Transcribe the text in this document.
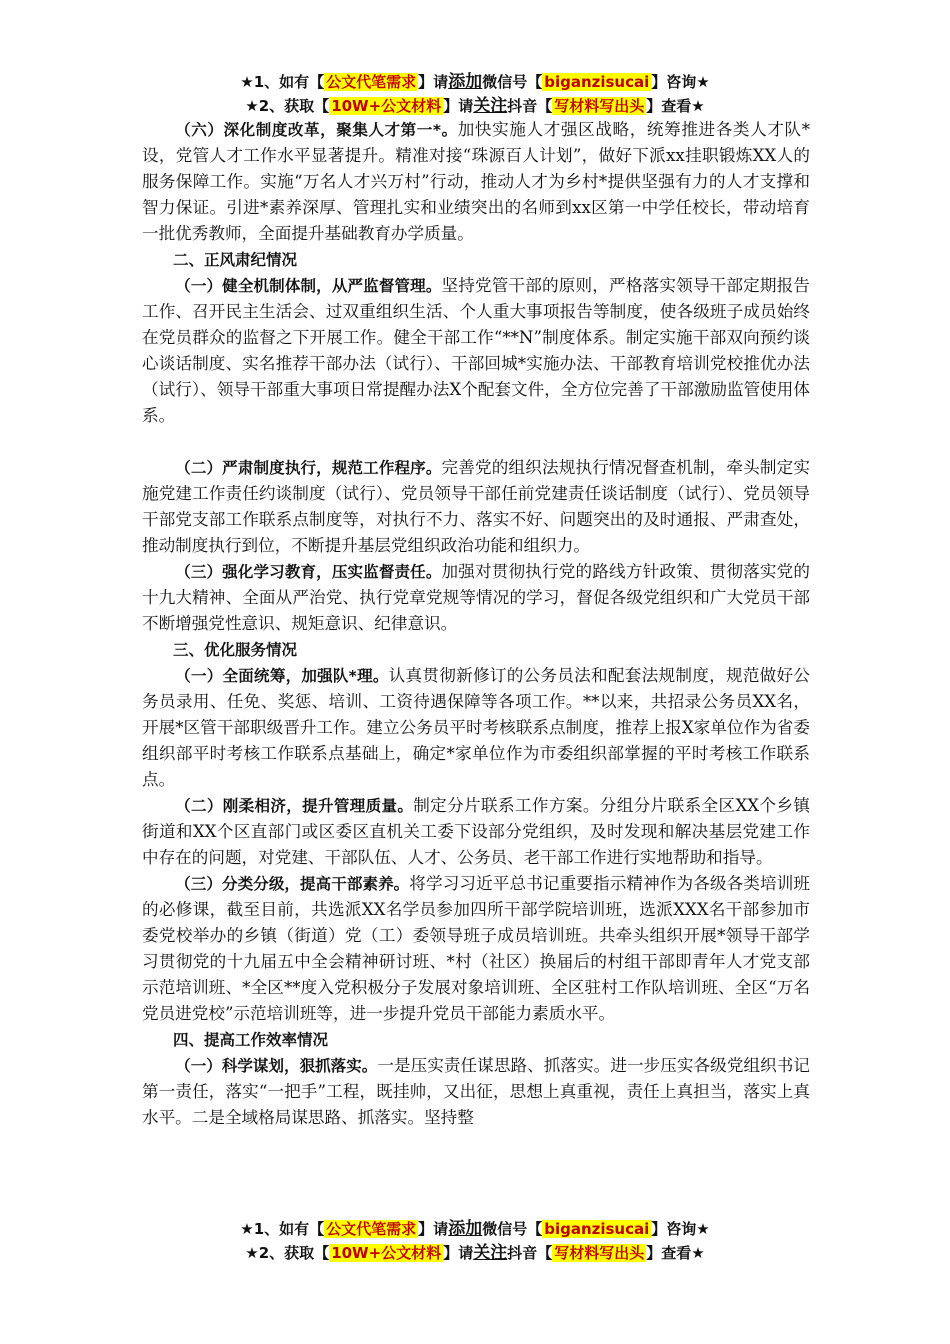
★1、如有【 公文代笔需求 】请添加微信号【 biganzisucai 】咨询★
★2、获取【 10W+公文材料 】请关注抖音【 写材料写出头 】查看★

（六）深化制度改革，聚集人才第一*。加快实施人才强区战略，统筹推进各类人才队*设，党管人才工作水平显著提升。精准对接“珠源百人计划”，做好下派xx挂职锻炼XX人的服务保障工作。实施“万名人才兴万村”行动，推动人才为乡村*提供坚强有力的人才支撑和智力保证。引进*素养深厚、管理扎实和业绩突出的名师到xx区第一中学任校长，带动培育一批优秀教师，全面提升基础教育办学质量。

二、正风肃纪情况

（一）健全机制体制，从严监督管理。坚持党管干部的原则，严格落实领导干部定期报告工作、召开民主生活会、过双重组织生活、个人重大事项报告等制度，使各级班子成员始终在党员群众的监督之下开展工作。健全干部工作“**N”制度体系。制定实施干部双向预约谈心谈话制度、实名推荐干部办法（试行）、干部回城*实施办法、干部教育培训党校推优办法（试行）、领导干部重大事项日常提醒办法X个配套文件，全方位完善了干部激励监管使用体系。

（二）严肃制度执行，规范工作程序。完善党的组织法规执行情况督查机制，牵头制定实施党建工作责任约谈制度（试行）、党员领导干部任前党建责任谈话制度（试行）、党员领导干部党支部工作联系点制度等，对执行不力、落实不好、问题突出的及时通报、严肃查处，推动制度执行到位，不断提升基层党组织政治功能和组织力。

（三）强化学习教育，压实监督责任。加强对贯彻执行党的路线方针政策、贯彻落实党的十九大精神、全面从严治党、执行党章党规等情况的学习，督促各级党组织和广大党员干部不断增强党性意识、规矩意识、纪律意识。

三、优化服务情况

（一）全面统筹，加强队*理。认真贯彻新修订的公务员法和配套法规制度，规范做好公务员录用、任免、奖惩、培训、工资待遇保障等各项工作。**以来，共招录公务员XX名，开展*区管干部职级晋升工作。建立公务员平时考核联系点制度，推荐上报X家单位作为省委组织部平时考核工作联系点基础上，确定*家单位作为市委组织部掌握的平时考核工作联系点。

（二）刚柔相济，提升管理质量。制定分片联系工作方案。分组分片联系全区XX个乡镇街道和XX个区直部门或区委区直机关工委下设部分党组织，及时发现和解决基层党建工作中存在的问题，对党建、干部队伍、人才、公务员、老干部工作进行实地帮助和指导。

（三）分类分级，提高干部素养。将学习习近平总书记重要指示精神作为各级各类培训班的必修课，截至目前，共选派XX名学员参加四所干部学院培训班，选派XXX名干部参加市委党校举办的乡镇（街道）党（工）委领导班子成员培训班。共牵头组织开展*领导干部学习贯彻党的十九届五中全会精神研讨班、*村（社区）换届后的村组干部即青年人才党支部示范培训班、*全区**度入党积极分子发展对象培训班、全区驻村工作队培训班、全区“万名党员进党校”示范培训班等，进一步提升党员干部能力素质水平。

四、提高工作效率情况

（一）科学谋划，狠抓落实。一是压实责任谋思路、抓落实。进一步压实各级党组织书记第一责任，落实“一把手”工程，既挂帅，又出征，思想上真重视，责任上真担当，落实上真水平。二是全域格局谋思路、抓落实。坚持整

★1、如有【 公文代笔需求 】请添加微信号【 biganzisucai 】咨询★
★2、获取【 10W+公文材料 】请关注抖音【 写材料写出头 】查看★
